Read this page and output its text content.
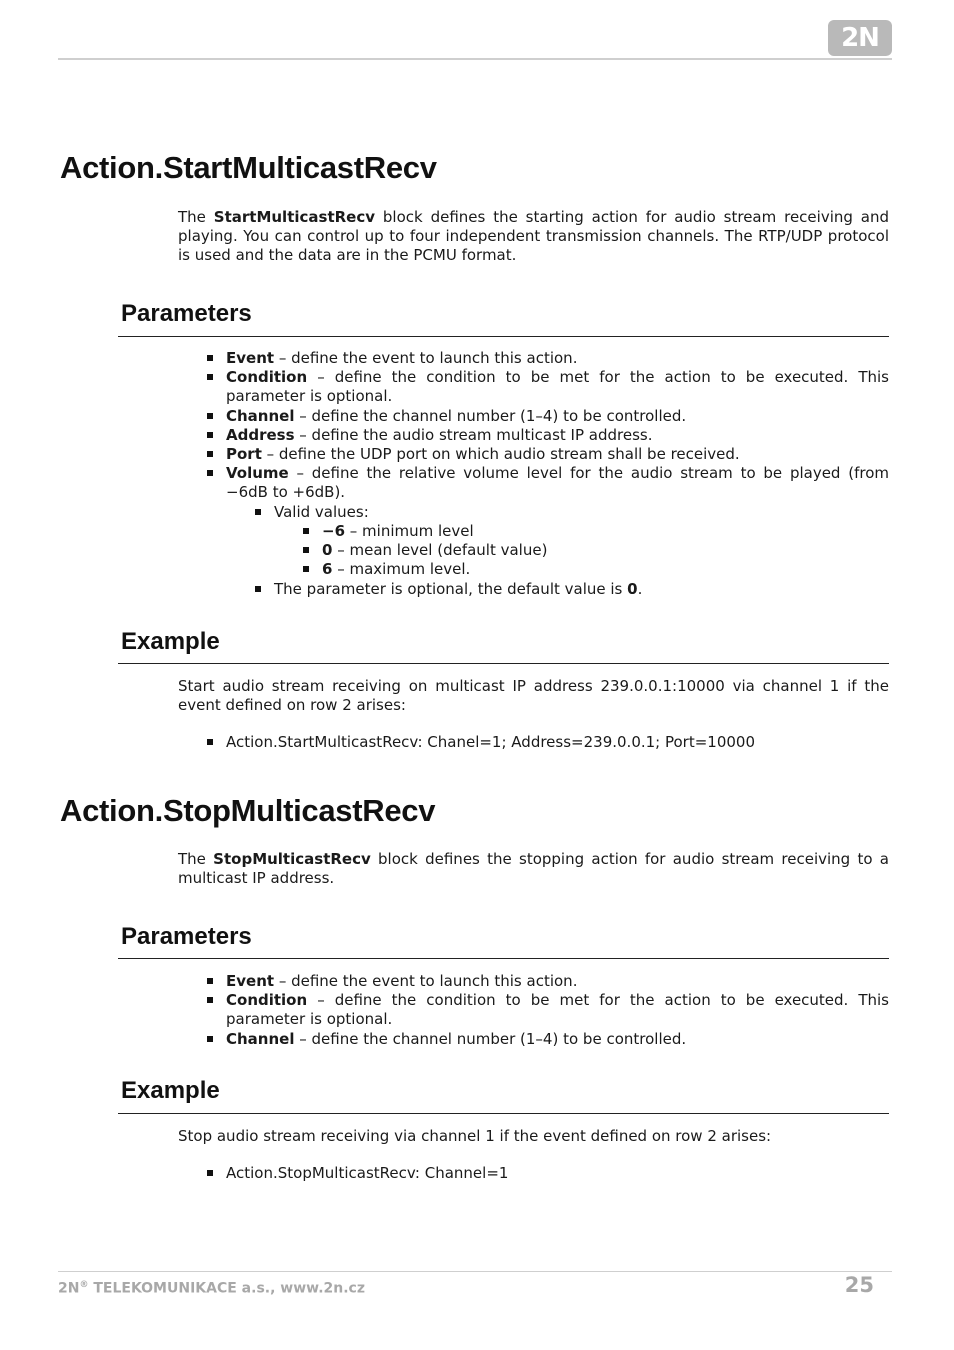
2N
Action.StartMulticastRecv

The StartMulticastRecv block defines the starting action for audio stream receiving and playing. You can control up to four independent transmission channels. The RTP/UDP protocol is used and the data are in the PCMU format.

Parameters
Event – define the event to launch this action.
Condition – define the condition to be met for the action to be executed. This parameter is optional.
Channel – define the channel number (1–4) to be controlled.
Address – define the audio stream multicast IP address.
Port – define the UDP port on which audio stream shall be received.
Volume – define the relative volume level for the audio stream to be played (from −6dB to +6dB).
Valid values:
−6 – minimum level
0 – mean level (default value)
6 – maximum level.
The parameter is optional, the default value is 0.
Example

Start audio stream receiving on multicast IP address 239.0.0.1:10000 via channel 1 if the event defined on row 2 arises:

Action.StartMulticastRecv: Chanel=1; Address=239.0.0.1; Port=10000
Action.StopMulticastRecv

The StopMulticastRecv block defines the stopping action for audio stream receiving to a multicast IP address.

Parameters
Event – define the event to launch this action.
Condition – define the condition to be met for the action to be executed. This parameter is optional.
Channel – define the channel number (1–4) to be controlled.
Example

Stop audio stream receiving via channel 1 if the event defined on row 2 arises:

Action.StopMulticastRecv: Channel=1
2N® TELEKOMUNIKACE a.s., www.2n.cz	25
